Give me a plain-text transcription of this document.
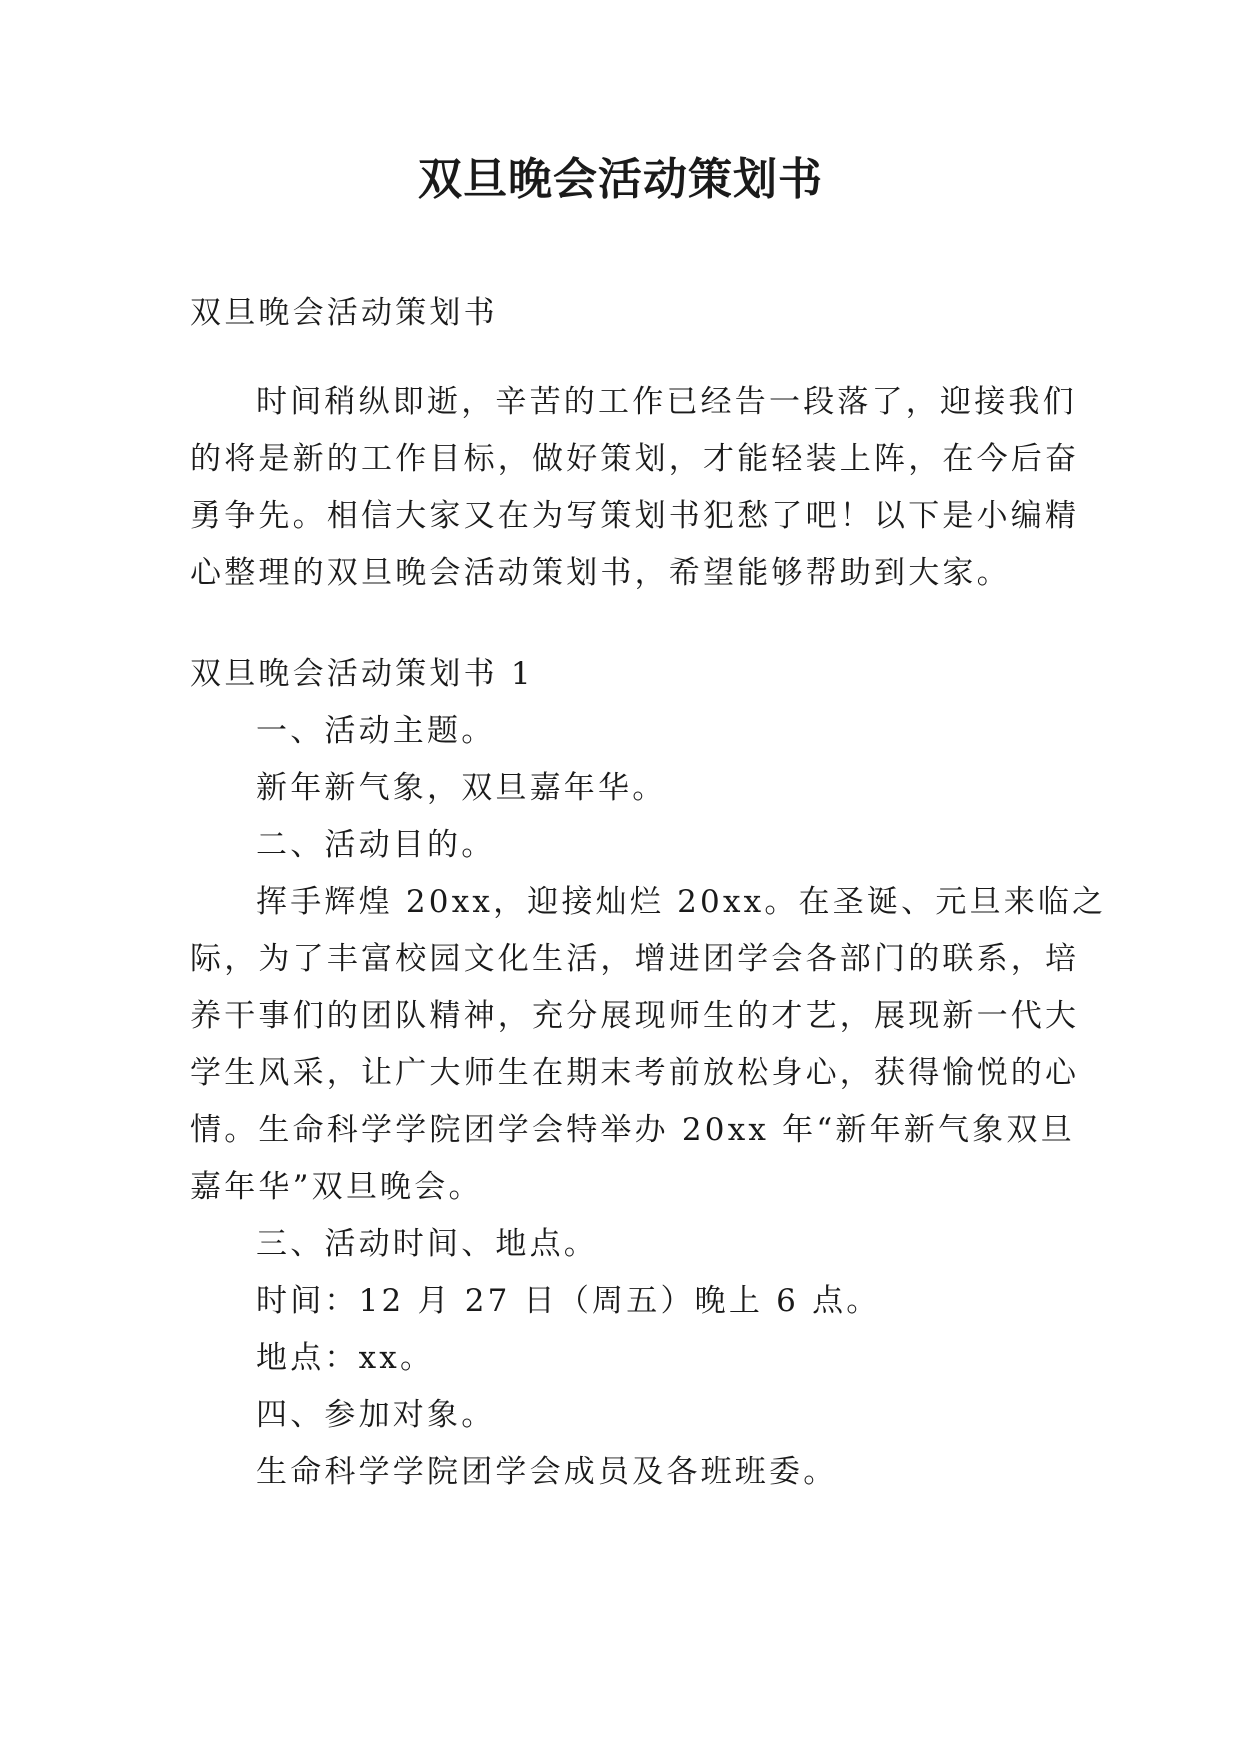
双旦晚会活动策划书

双旦晚会活动策划书

时间稍纵即逝，辛苦的工作已经告一段落了，迎接我们

的将是新的工作目标，做好策划，才能轻装上阵，在今后奋

勇争先。相信大家又在为写策划书犯愁了吧！以下是小编精

心整理的双旦晚会活动策划书，希望能够帮助到大家。

双旦晚会活动策划书 1

一、活动主题。

新年新气象，双旦嘉年华。

二、活动目的。

挥手辉煌 20xx，迎接灿烂 20xx。在圣诞、元旦来临之

际，为了丰富校园文化生活，增进团学会各部门的联系，培

养干事们的团队精神，充分展现师生的才艺，展现新一代大

学生风采，让广大师生在期末考前放松身心，获得愉悦的心

情。生命科学学院团学会特举办 20xx 年“新年新气象双旦

嘉年华”双旦晚会。

三、活动时间、地点。

时间：12 月 27 日（周五）晚上 6 点。

地点：xx。

四、参加对象。

生命科学学院团学会成员及各班班委。
